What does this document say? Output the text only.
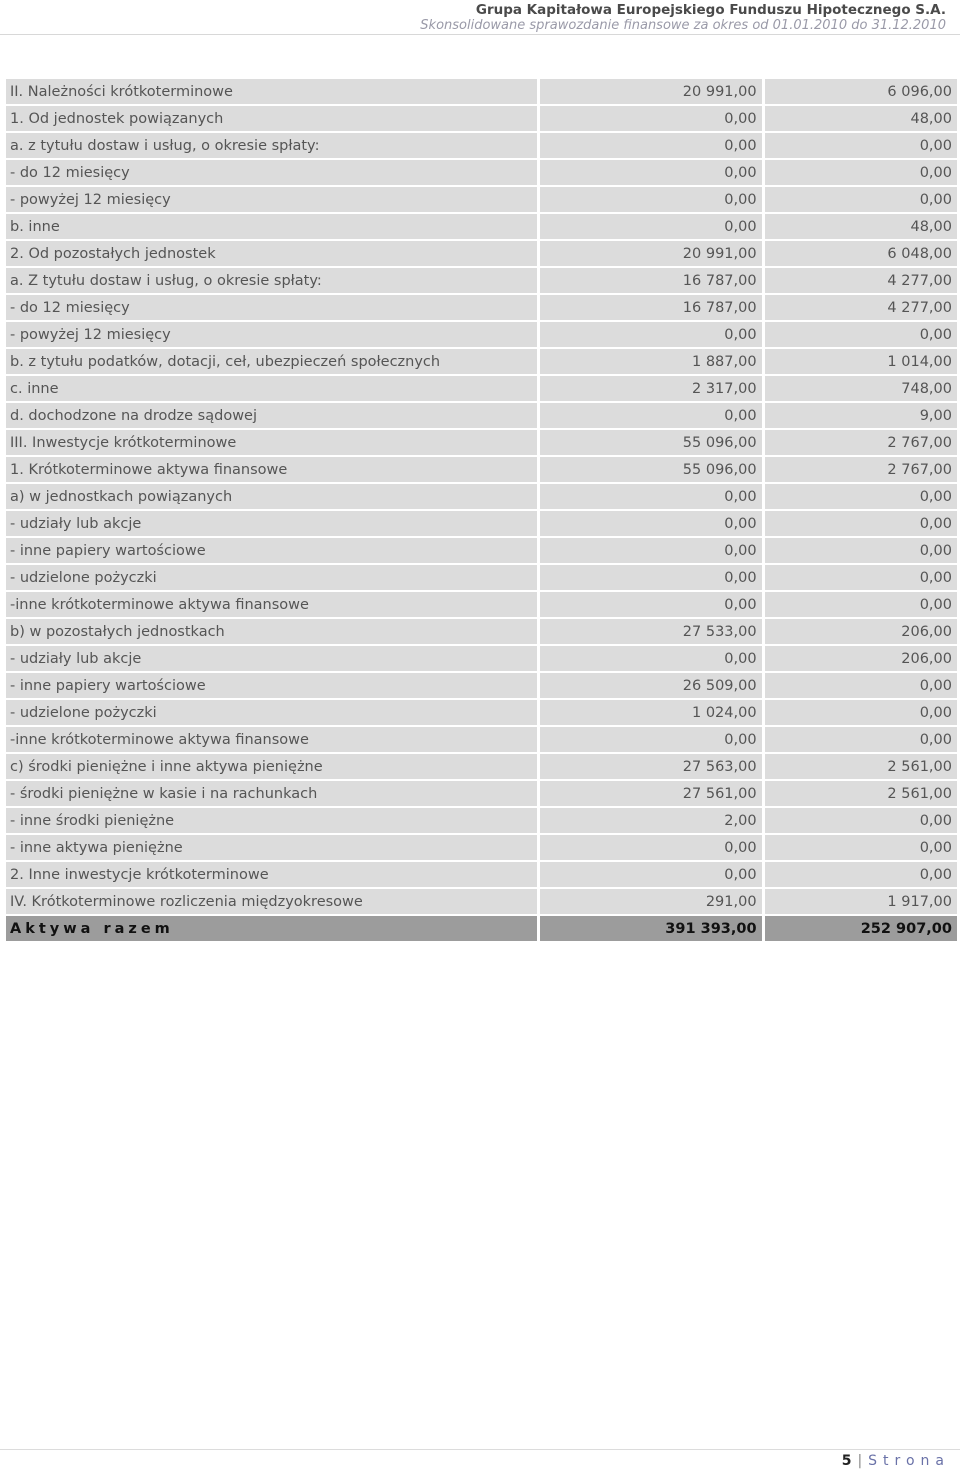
Grupa Kapitałowa Europejskiego Funduszu Hipotecznego S.A.
Skonsolidowane sprawozdanie finansowe za okres od 01.01.2010 do 31.12.2010
II. Należności krótkoterminowe	20 991,00	6 096,00
1. Od jednostek powiązanych	0,00	48,00
a. z tytułu dostaw i usług, o okresie spłaty:	0,00	0,00
- do 12 miesięcy	0,00	0,00
- powyżej 12 miesięcy	0,00	0,00
b. inne	0,00	48,00
2. Od pozostałych jednostek	20 991,00	6 048,00
a. Z tytułu dostaw i usług, o okresie spłaty:	16 787,00	4 277,00
- do 12 miesięcy	16 787,00	4 277,00
- powyżej 12 miesięcy	0,00	0,00
b. z tytułu podatków, dotacji, ceł, ubezpieczeń społecznych	1 887,00	1 014,00
c. inne	2 317,00	748,00
d. dochodzone na drodze sądowej	0,00	9,00
III. Inwestycje krótkoterminowe	55 096,00	2 767,00
1. Krótkoterminowe aktywa finansowe	55 096,00	2 767,00
a) w jednostkach powiązanych	0,00	0,00
- udziały lub akcje	0,00	0,00
- inne papiery wartościowe	0,00	0,00
- udzielone pożyczki	0,00	0,00
-inne krótkoterminowe aktywa finansowe	0,00	0,00
b) w pozostałych jednostkach	27 533,00	206,00
- udziały lub akcje	0,00	206,00
- inne papiery wartościowe	26 509,00	0,00
- udzielone pożyczki	1 024,00	0,00
-inne krótkoterminowe aktywa finansowe	0,00	0,00
c) środki pieniężne i inne aktywa pieniężne	27 563,00	2 561,00
- środki pieniężne w kasie i na rachunkach	27 561,00	2 561,00
- inne środki pieniężne	2,00	0,00
- inne aktywa pieniężne	0,00	0,00
2. Inne inwestycje krótkoterminowe	0,00	0,00
IV. Krótkoterminowe rozliczenia międzyokresowe	291,00	1 917,00
Aktywa razem	391 393,00	252 907,00
5 | Strona
